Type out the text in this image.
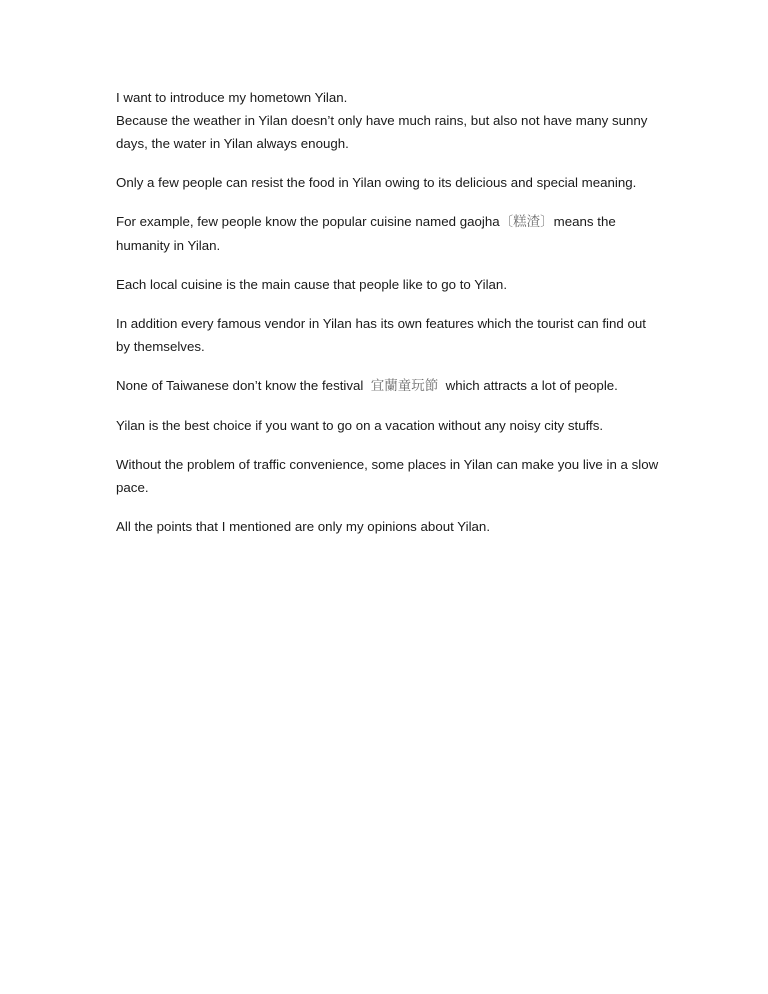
I want to introduce my hometown Yilan.
Because the weather in Yilan doesn’t only have much rains, but also not have many sunny days, the water in Yilan always enough.

Only a few people can resist the food in Yilan owing to its delicious and special meaning.

For example, few people know the popular cuisine named gaojha〔糕渣〕means the humanity in Yilan.

Each local cuisine is the main cause that people like to go to Yilan.

In addition every famous vendor in Yilan has its own features which the tourist can find out by themselves.

None of Taiwanese don’t know the festival 宜蘭童玩節 which attracts a lot of people.

Yilan is the best choice if you want to go on a vacation without any noisy city stuffs.

Without the problem of traffic convenience, some places in Yilan can make you live in a slow pace.

All the points that I mentioned are only my opinions about Yilan.
